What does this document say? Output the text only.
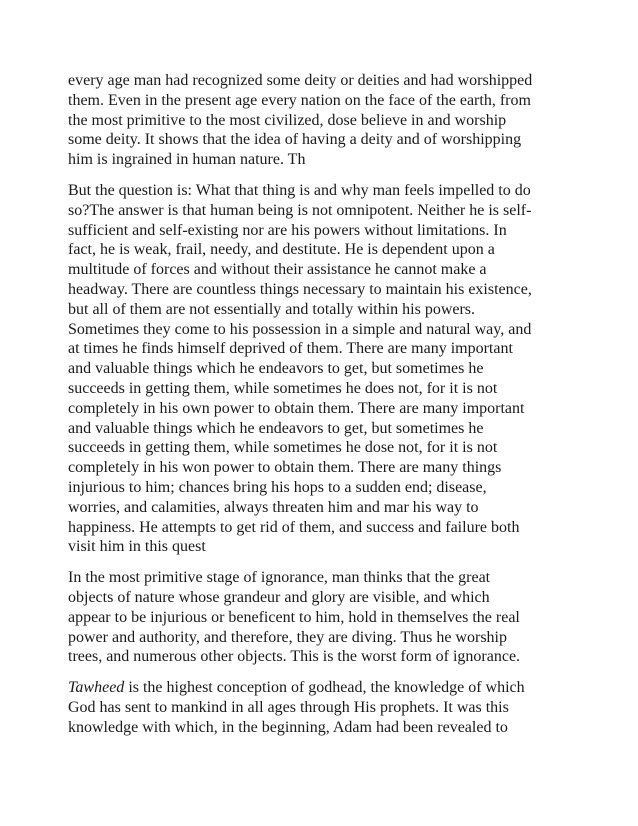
every age man had recognized some deity or deities and had worshipped
them. Even in the present age every nation on the face of the earth, from
the most primitive to the most civilized, dose believe in and worship
some deity. It shows that the idea of having a deity and of worshipping
him is ingrained in human nature. Th

But the question is: What that thing is and why man feels impelled to do
so?The answer is that human being is not omnipotent. Neither he is self-
sufficient and self-existing nor are his powers without limitations. In
fact, he is weak, frail, needy, and destitute. He is dependent upon a
multitude of forces and without their assistance he cannot make a
headway. There are countless things necessary to maintain his existence,
but all of them are not essentially and totally within his powers.
Sometimes they come to his possession in a simple and natural way, and
at times he finds himself deprived of them. There are many important
and valuable things which he endeavors to get, but sometimes he
succeeds in getting them, while sometimes he does not, for it is not
completely in his own power to obtain them. There are many important
and valuable things which he endeavors to get, but sometimes he
succeeds in getting them, while sometimes he dose not, for it is not
completely in his won power to obtain them. There are many things
injurious to him; chances bring his hops to a sudden end; disease,
worries, and calamities, always threaten him and mar his way to
happiness. He attempts to get rid of them, and success and failure both
visit him in this quest

In the most primitive stage of ignorance, man thinks that the great
objects of nature whose grandeur and glory are visible, and which
appear to be injurious or beneficent to him, hold in themselves the real
power and authority, and therefore, they are diving. Thus he worship
trees, and numerous other objects. This is the worst form of ignorance.

Tawheed is the highest conception of godhead, the knowledge of which
God has sent to mankind in all ages through His prophets. It was this
knowledge with which, in the beginning, Adam had been revealed to
